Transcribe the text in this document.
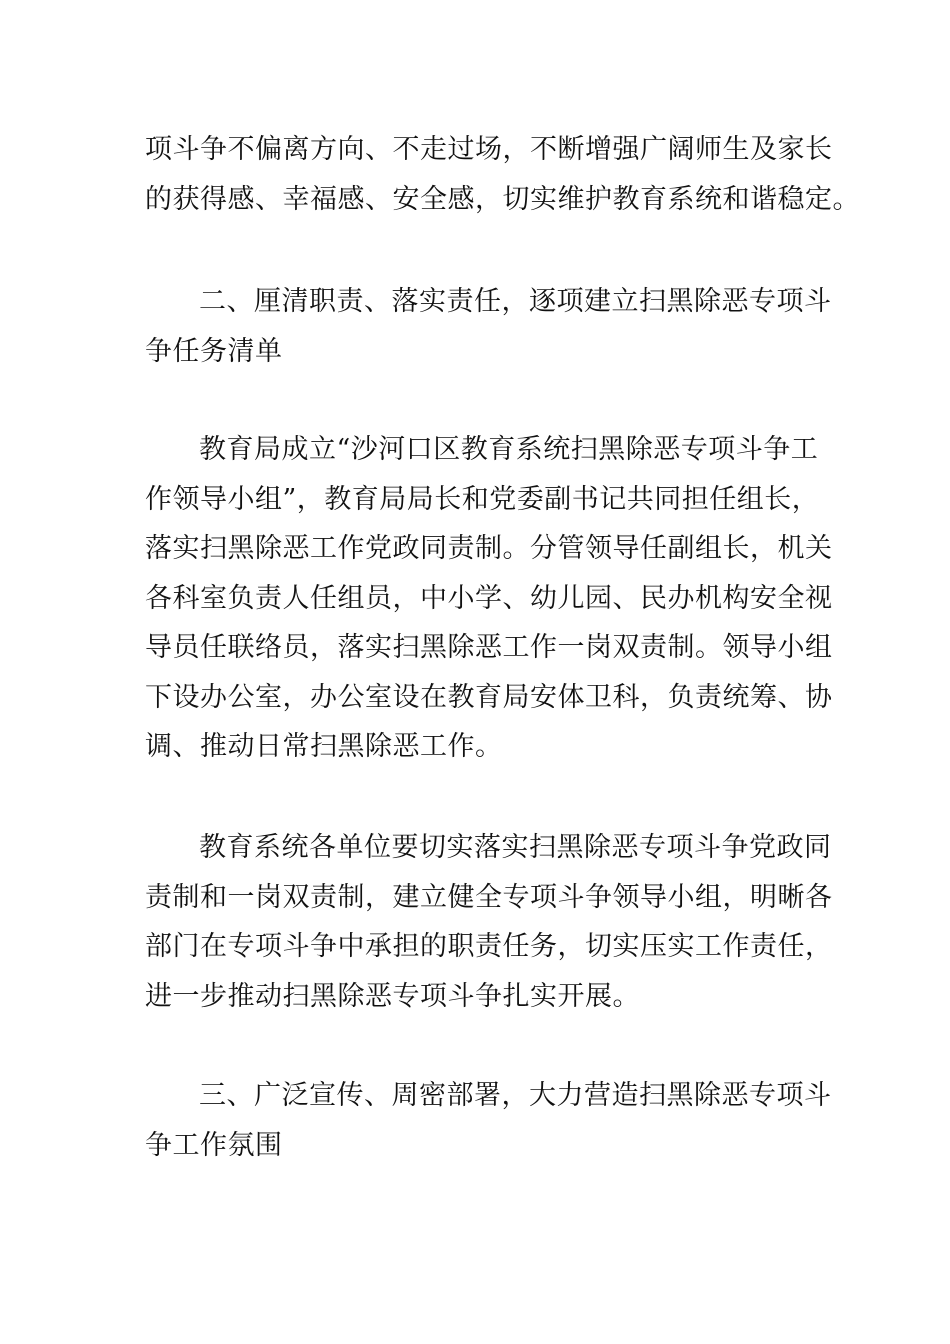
项斗争不偏离方向、不走过场，不断增强广阔师生及家长
的获得感、幸福感、安全感，切实维护教育系统和谐稳定。
二、厘清职责、落实责任，逐项建立扫黑除恶专项斗
争任务清单
教育局成立“沙河口区教育系统扫黑除恶专项斗争工
作领导小组”，教育局局长和党委副书记共同担任组长，
落实扫黑除恶工作党政同责制。分管领导任副组长，机关
各科室负责人任组员，中小学、幼儿园、民办机构安全视
导员任联络员，落实扫黑除恶工作一岗双责制。领导小组
下设办公室，办公室设在教育局安体卫科，负责统筹、协
调、推动日常扫黑除恶工作。
教育系统各单位要切实落实扫黑除恶专项斗争党政同
责制和一岗双责制，建立健全专项斗争领导小组，明晰各
部门在专项斗争中承担的职责任务，切实压实工作责任，
进一步推动扫黑除恶专项斗争扎实开展。
三、广泛宣传、周密部署，大力营造扫黑除恶专项斗
争工作氛围
